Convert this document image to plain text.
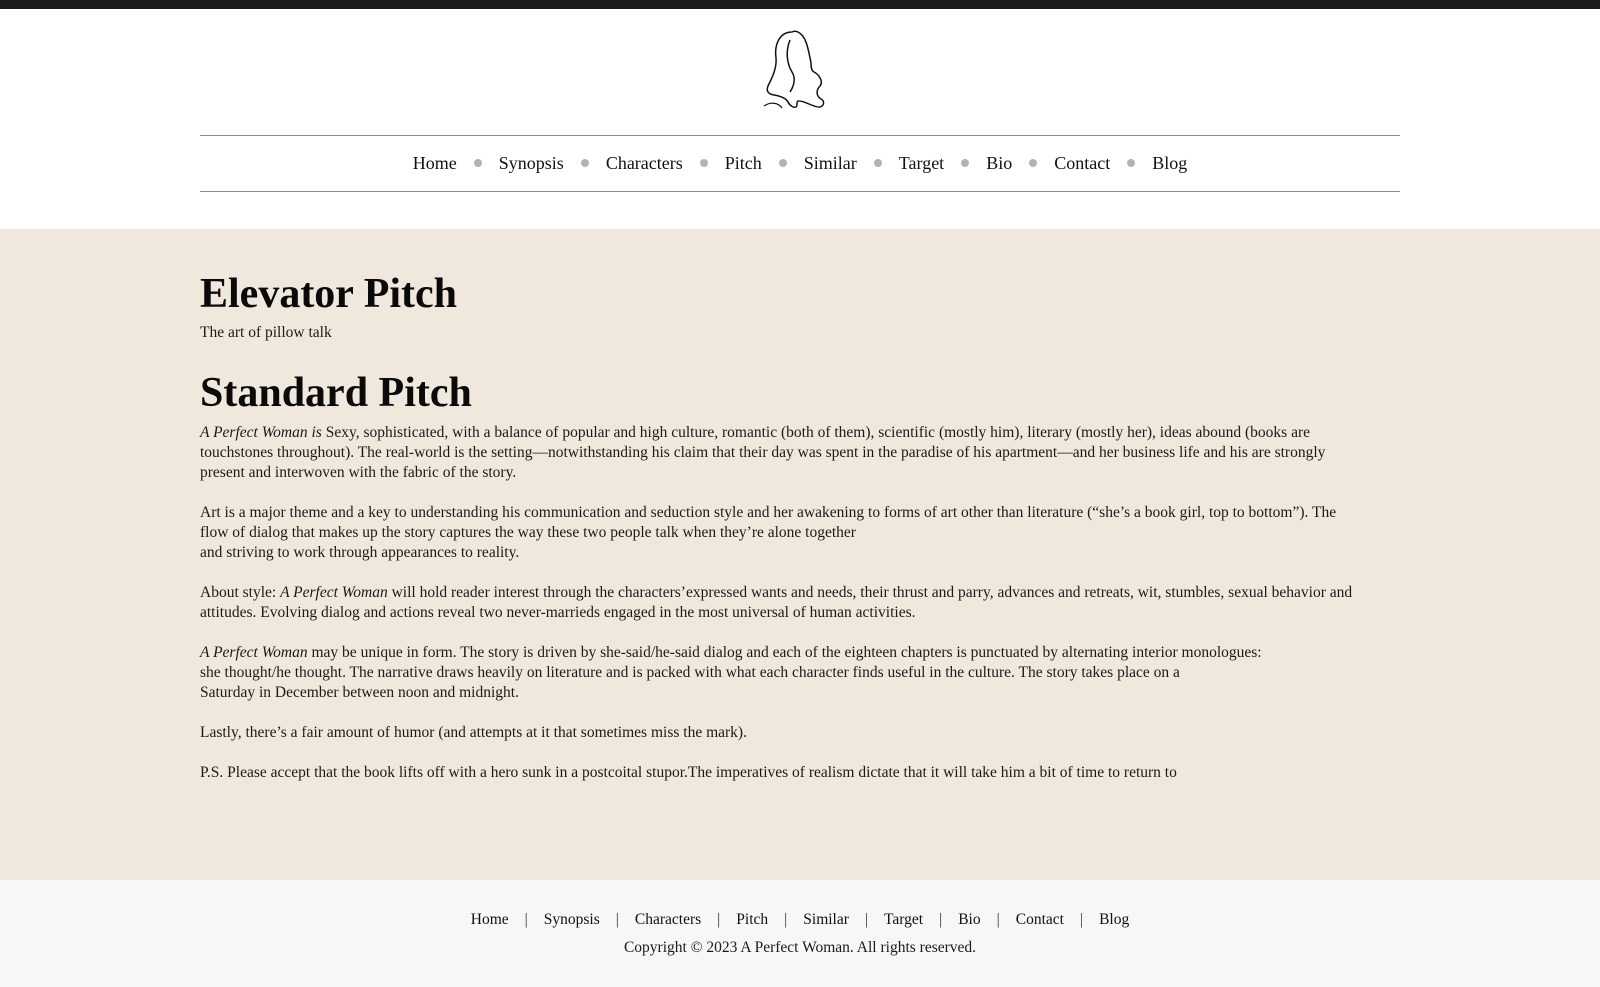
Home Synopsis Characters Pitch Similar Target Bio Contact Blog
Elevator Pitch
The art of pillow talk
Standard Pitch
A Perfect Woman is Sexy, sophisticated, with a balance of popular and high culture, romantic (both of them), scientific (mostly him), literary (mostly her), ideas abound (books are
touchstones throughout). The real-world is the setting—notwithstanding his claim that their day was spent in the paradise of his apartment—and her business life and his are strongly
present and interwoven with the fabric of the story.
Art is a major theme and a key to understanding his communication and seduction style and her awakening to forms of art other than literature (“she’s a book girl, top to bottom”). The
flow of dialog that makes up the story captures the way these two people talk when they’re alone together
and striving to work through appearances to reality.
About style: A Perfect Woman will hold reader interest through the characters’expressed wants and needs, their thrust and parry, advances and retreats, wit, stumbles, sexual behavior and
attitudes. Evolving dialog and actions reveal two never-marrieds engaged in the most universal of human activities.
A Perfect Woman may be unique in form. The story is driven by she-said/he-said dialog and each of the eighteen chapters is punctuated by alternating interior monologues:
she thought/he thought. The narrative draws heavily on literature and is packed with what each character finds useful in the culture. The story takes place on a
Saturday in December between noon and midnight.
Lastly, there’s a fair amount of humor (and attempts at it that sometimes miss the mark).
P.S. Please accept that the book lifts off with a hero sunk in a postcoital stupor.The imperatives of realism dictate that it will take him a bit of time to return to
Home | Synopsis | Characters | Pitch | Similar | Target | Bio | Contact | Blog
Copyright © 2023 A Perfect Woman. All rights reserved.
